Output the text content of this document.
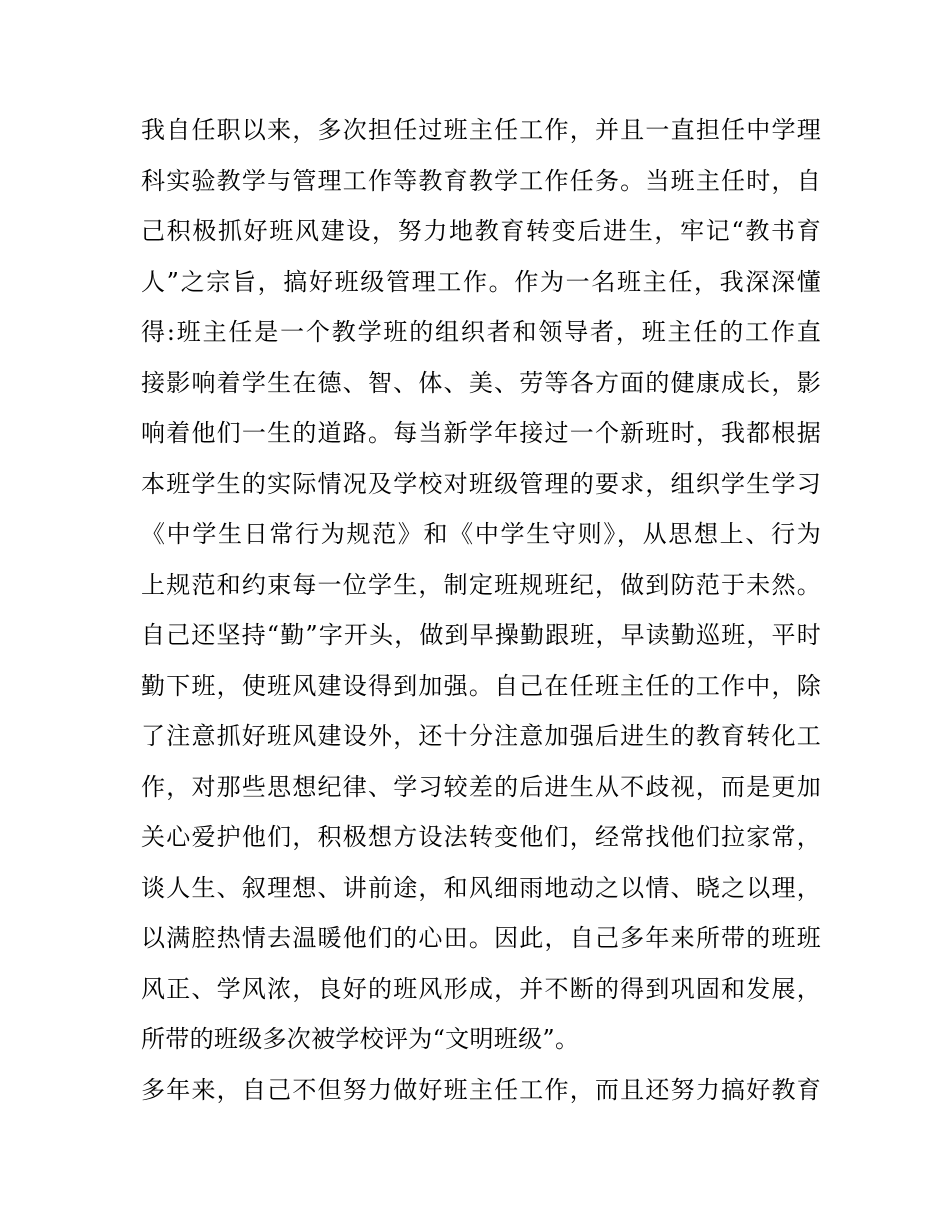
我自任职以来，多次担任过班主任工作，并且一直担任中学理
科实验教学与管理工作等教育教学工作任务。当班主任时，自
己积极抓好班风建设，努力地教育转变后进生，牢记“教书育
人”之宗旨，搞好班级管理工作。作为一名班主任，我深深懂
得:班主任是一个教学班的组织者和领导者，班主任的工作直
接影响着学生在德、智、体、美、劳等各方面的健康成长，影
响着他们一生的道路。每当新学年接过一个新班时，我都根据
本班学生的实际情况及学校对班级管理的要求，组织学生学习
《中学生日常行为规范》和《中学生守则》，从思想上、行为
上规范和约束每一位学生，制定班规班纪，做到防范于未然。
自己还坚持“勤”字开头，做到早操勤跟班，早读勤巡班，平时
勤下班，使班风建设得到加强。自己在任班主任的工作中，除
了注意抓好班风建设外，还十分注意加强后进生的教育转化工
作，对那些思想纪律、学习较差的后进生从不歧视，而是更加
关心爱护他们，积极想方设法转变他们，经常找他们拉家常，
谈人生、叙理想、讲前途，和风细雨地动之以情、晓之以理，
以满腔热情去温暖他们的心田。因此，自己多年来所带的班班
风正、学风浓，良好的班风形成，并不断的得到巩固和发展，
所带的班级多次被学校评为“文明班级”。
多年来，自己不但努力做好班主任工作，而且还努力搞好教育
